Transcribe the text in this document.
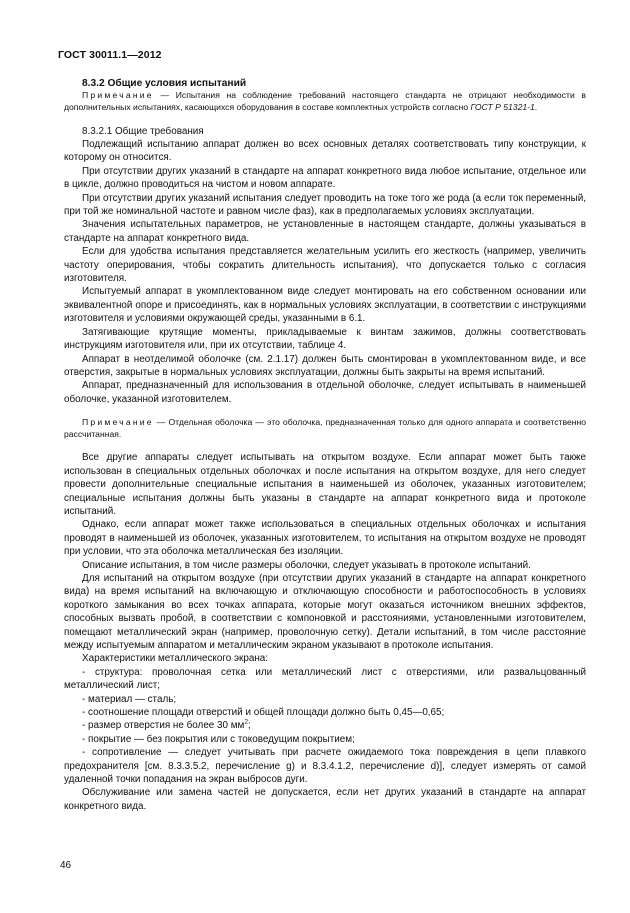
ГОСТ 30011.1—2012

8.3.2 Общие условия испытаний

Примечание — Испытания на соблюдение требований настоящего стандарта не отрицают необходимости в дополнительных испытаниях, касающихся оборудования в составе комплектных устройств согласно ГОСТ Р 51321-1.

8.3.2.1 Общие требования

Подлежащий испытанию аппарат должен во всех основных деталях соответствовать типу конструкции, к которому он относится.

При отсутствии других указаний в стандарте на аппарат конкретного вида любое испытание, отдельное или в цикле, должно проводиться на чистом и новом аппарате.

При отсутствии других указаний испытания следует проводить на токе того же рода (а если ток переменный, при той же номинальной частоте и равном числе фаз), как в предполагаемых условиях эксплуатации.

Значения испытательных параметров, не установленные в настоящем стандарте, должны указываться в стандарте на аппарат конкретного вида.

Если для удобства испытания представляется желательным усилить его жесткость (например, увеличить частоту оперирования, чтобы сократить длительность испытания), что допускается только с согласия изготовителя.

Испытуемый аппарат в укомплектованном виде следует монтировать на его собственном основании или эквивалентной опоре и присоединять, как в нормальных условиях эксплуатации, в соответствии с инструкциями изготовителя и условиями окружающей среды, указанными в 6.1.

Затягивающие крутящие моменты, прикладываемые к винтам зажимов, должны соответствовать инструкциям изготовителя или, при их отсутствии, таблице 4.

Аппарат в неотделимой оболочке (см. 2.1.17) должен быть смонтирован в укомплектованном виде, и все отверстия, закрытые в нормальных условиях эксплуатации, должны быть закрыты на время испытаний.

Аппарат, предназначенный для использования в отдельной оболочке, следует испытывать в наименьшей оболочке, указанной изготовителем.

Примечание — Отдельная оболочка — это оболочка, предназначенная только для одного аппарата и соответственно рассчитанная.

Все другие аппараты следует испытывать на открытом воздухе. Если аппарат может быть также использован в специальных отдельных оболочках и после испытания на открытом воздухе, для него следует провести дополнительные специальные испытания в наименьшей из оболочек, указанных изготовителем; специальные испытания должны быть указаны в стандарте на аппарат конкретного вида и протоколе испытаний.

Однако, если аппарат может также использоваться в специальных отдельных оболочках и испытания проводят в наименьшей из оболочек, указанных изготовителем, то испытания на открытом воздухе не проводят при условии, что эта оболочка металлическая без изоляции.

Описание испытания, в том числе размеры оболочки, следует указывать в протоколе испытаний.

Для испытаний на открытом воздухе (при отсутствии других указаний в стандарте на аппарат конкретного вида) на время испытаний на включающую и отключающую способности и работоспособность в условиях короткого замыкания во всех точках аппарата, которые могут оказаться источником внешних эффектов, способных вызвать пробой, в соответствии с компоновкой и расстояниями, установленными изготовителем, помещают металлический экран (например, проволочную сетку). Детали испытаний, в том числе расстояние между испытуемым аппаратом и металлическим экраном указывают в протоколе испытания.

Характеристики металлического экрана:

- структура: проволочная сетка или металлический лист с отверстиями, или развальцованный металлический лист;

- материал — сталь;

- соотношение площади отверстий и общей площади должно быть 0,45—0,65;

- размер отверстия не более 30 $мм^2$;

- покрытие — без покрытия или с токоведущим покрытием;

- сопротивление — следует учитывать при расчете ожидаемого тока повреждения в цепи плавкого предохранителя [см. 8.3.3.5.2, перечисление g) и 8.3.4.1.2, перечисление d)], следует измерять от самой удаленной точки попадания на экран выбросов дуги.

Обслуживание или замена частей не допускается, если нет других указаний в стандарте на аппарат конкретного вида.

46
